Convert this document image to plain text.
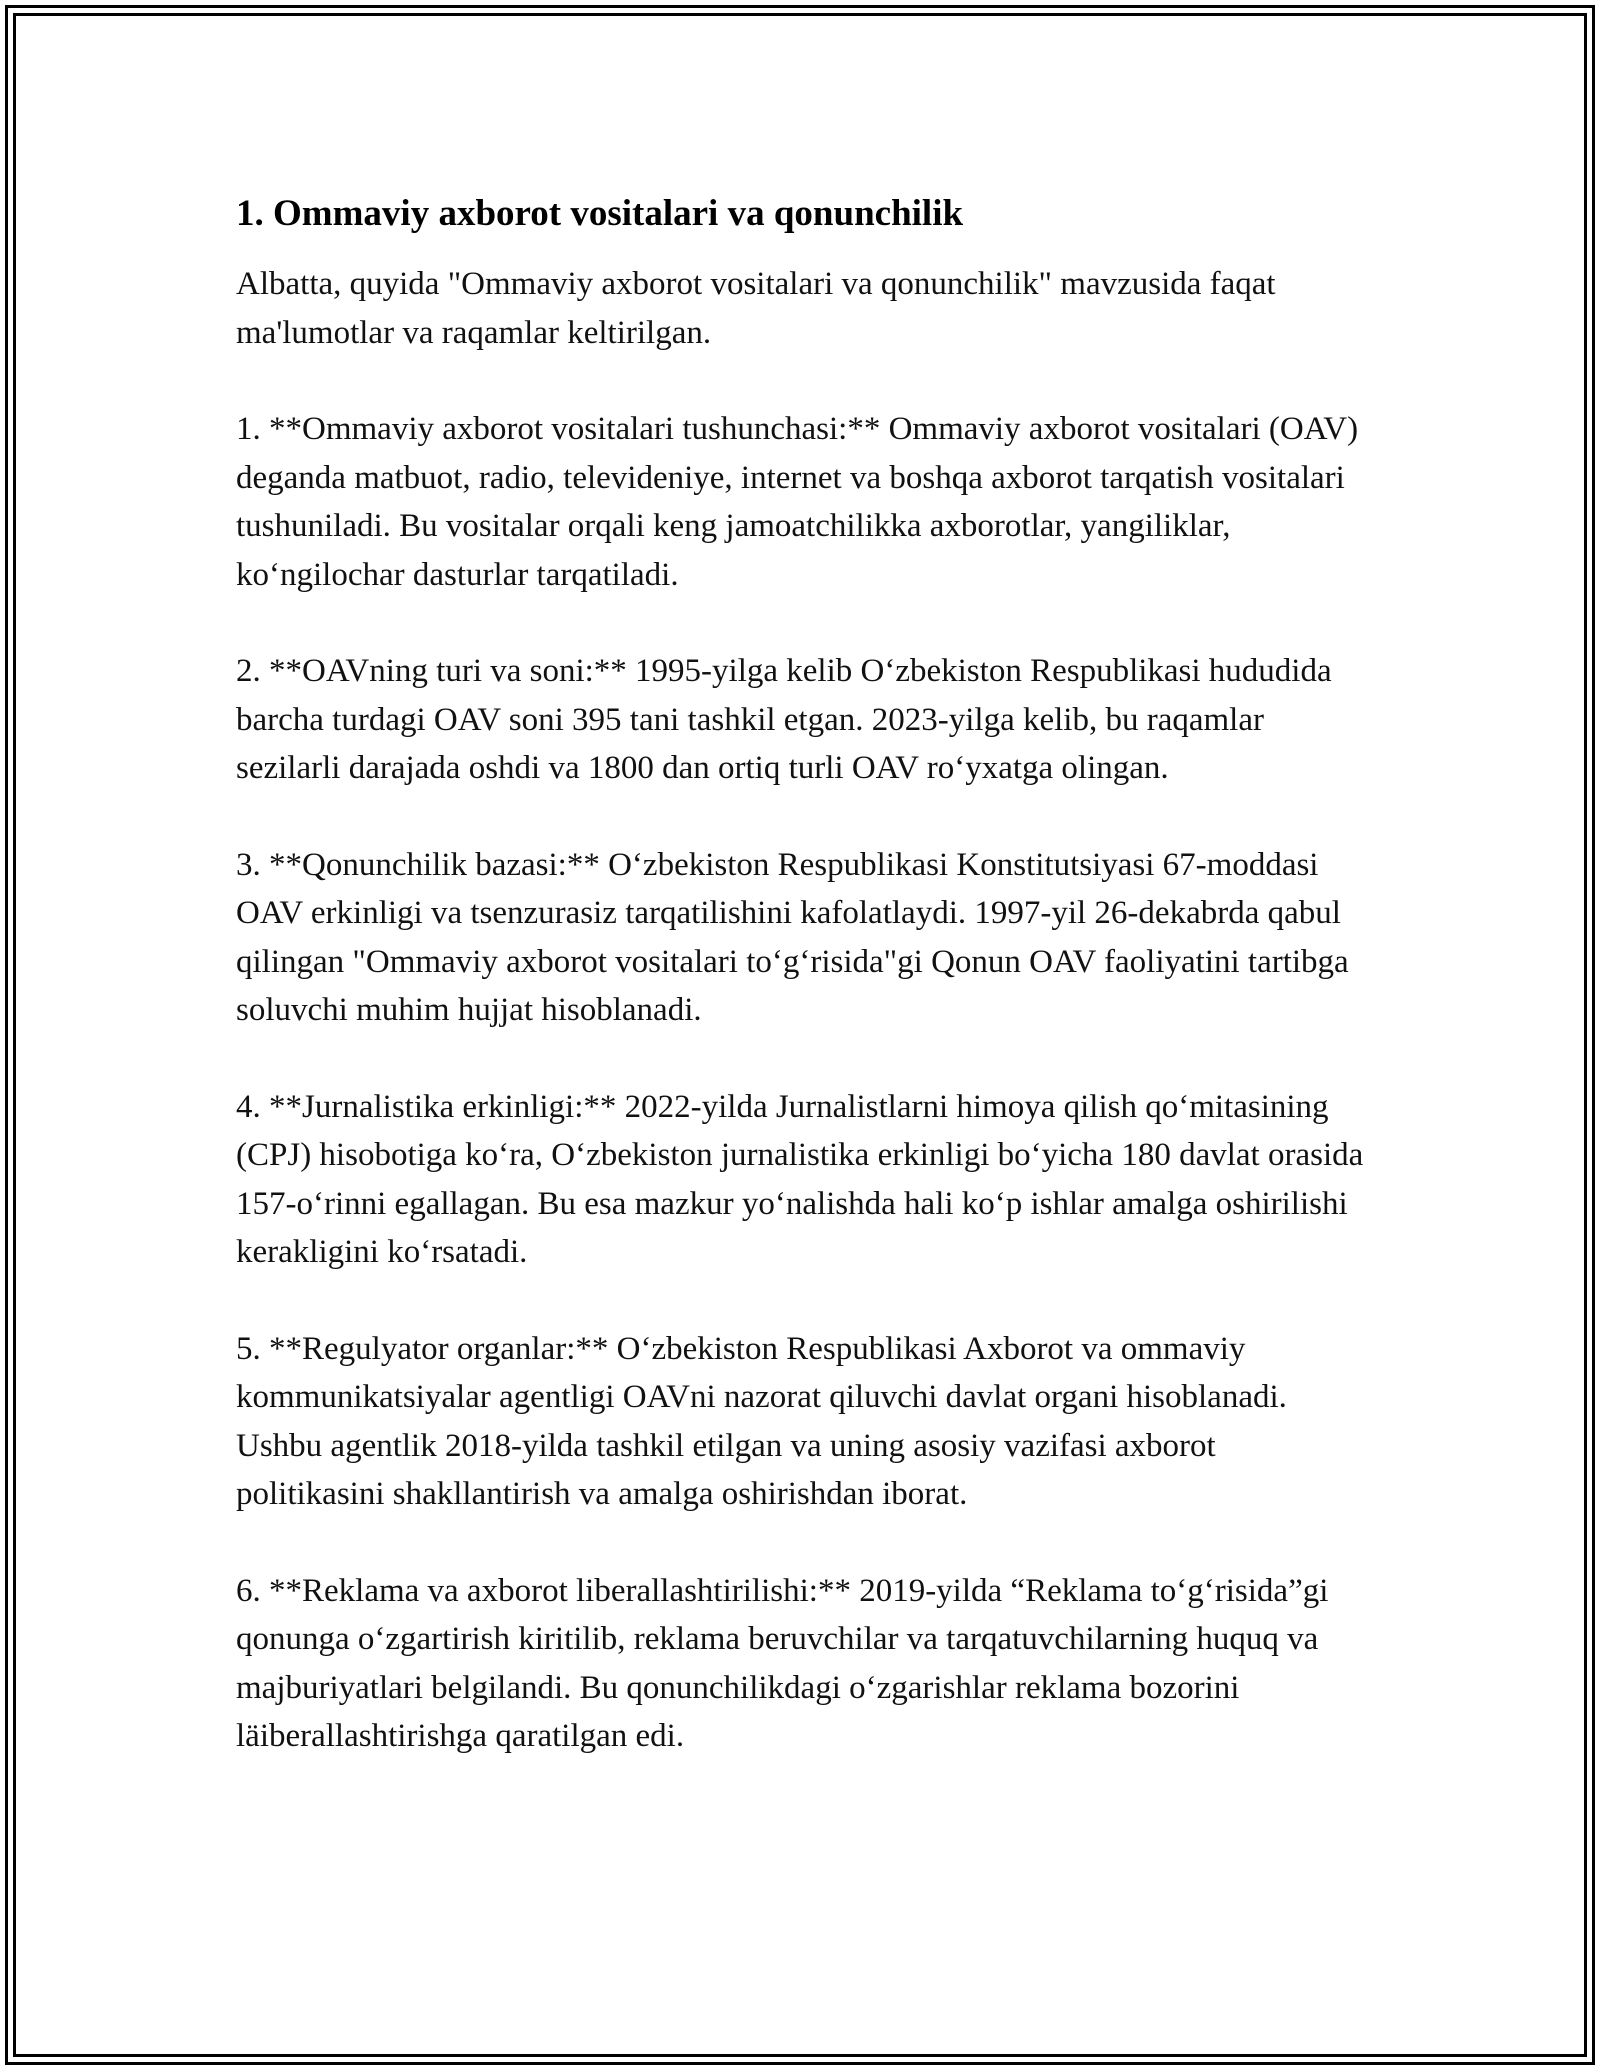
1. Ommaviy axborot vositalari va qonunchilik

Albatta, quyida "Ommaviy axborot vositalari va qonunchilik" mavzusida faqat ma'lumotlar va raqamlar keltirilgan.

1. **Ommaviy axborot vositalari tushunchasi:** Ommaviy axborot vositalari (OAV) deganda matbuot, radio, televideniye, internet va boshqa axborot tarqatish vositalari tushuniladi. Bu vositalar orqali keng jamoatchilikka axborotlar, yangiliklar, ko‘ngilochar dasturlar tarqatiladi.

2. **OAVning turi va soni:** 1995-yilga kelib O‘zbekiston Respublikasi hududida barcha turdagi OAV soni 395 tani tashkil etgan. 2023-yilga kelib, bu raqamlar sezilarli darajada oshdi va 1800 dan ortiq turli OAV ro‘yxatga olingan.

3. **Qonunchilik bazasi:** O‘zbekiston Respublikasi Konstitutsiyasi 67-moddasi OAV erkinligi va tsenzurasiz tarqatilishini kafolatlaydi. 1997-yil 26-dekabrda qabul qilingan "Ommaviy axborot vositalari to‘g‘risida"gi Qonun OAV faoliyatini tartibga soluvchi muhim hujjat hisoblanadi.

4. **Jurnalistika erkinligi:** 2022-yilda Jurnalistlarni himoya qilish qo‘mitasining (CPJ) hisobotiga ko‘ra, O‘zbekiston jurnalistika erkinligi bo‘yicha 180 davlat orasida 157-o‘rinni egallagan. Bu esa mazkur yo‘nalishda hali ko‘p ishlar amalga oshirilishi kerakligini ko‘rsatadi.

5. **Regulyator organlar:** O‘zbekiston Respublikasi Axborot va ommaviy kommunikatsiyalar agentligi OAVni nazorat qiluvchi davlat organi hisoblanadi. Ushbu agentlik 2018-yilda tashkil etilgan va uning asosiy vazifasi axborot politikasini shakllantirish va amalga oshirishdan iborat.

6. **Reklama va axborot liberallashtirilishi:** 2019-yilda “Reklama to‘g‘risida”gi qonunga o‘zgartirish kiritilib, reklama beruvchilar va tarqatuvchilarning huquq va majburiyatlari belgilandi. Bu qonunchilikdagi o‘zgarishlar reklama bozorini läiberallashtirishga qaratilgan edi.
